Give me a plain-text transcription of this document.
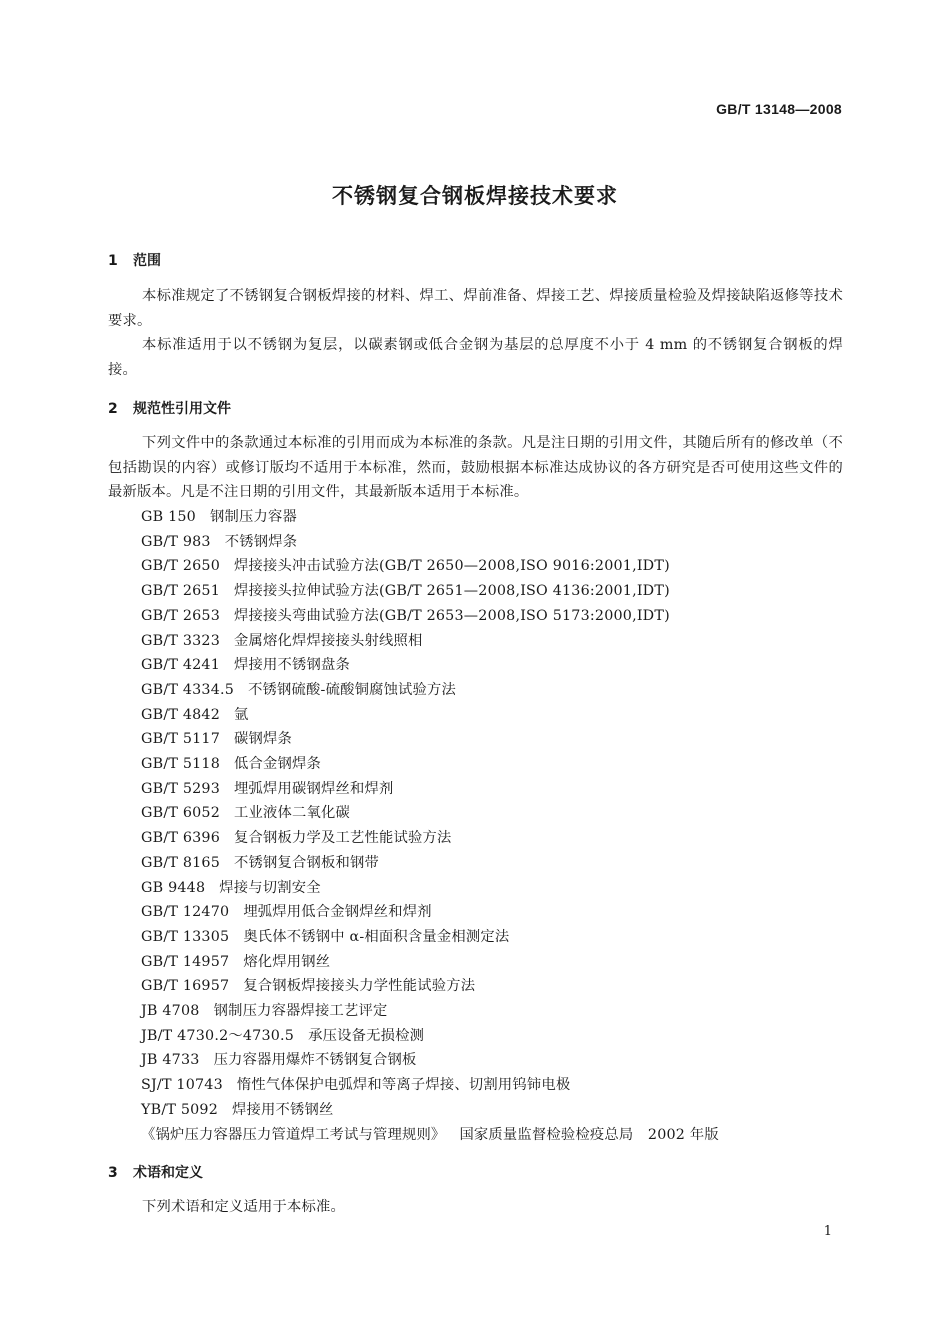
GB/T 13148—2008
不锈钢复合钢板焊接技术要求
1 范围
本标准规定了不锈钢复合钢板焊接的材料、焊工、焊前准备、焊接工艺、焊接质量检验及焊接缺陷返修等技术要求。
本标准适用于以不锈钢为复层，以碳素钢或低合金钢为基层的总厚度不小于 4 mm 的不锈钢复合钢板的焊接。
2 规范性引用文件
下列文件中的条款通过本标准的引用而成为本标准的条款。凡是注日期的引用文件，其随后所有的修改单（不包括勘误的内容）或修订版均不适用于本标准，然而，鼓励根据本标准达成协议的各方研究是否可使用这些文件的最新版本。凡是不注日期的引用文件，其最新版本适用于本标准。
GB 150 钢制压力容器
GB/T 983 不锈钢焊条
GB/T 2650 焊接接头冲击试验方法(GB/T 2650—2008,ISO 9016:2001,IDT)
GB/T 2651 焊接接头拉伸试验方法(GB/T 2651—2008,ISO 4136:2001,IDT)
GB/T 2653 焊接接头弯曲试验方法(GB/T 2653—2008,ISO 5173:2000,IDT)
GB/T 3323 金属熔化焊焊接接头射线照相
GB/T 4241 焊接用不锈钢盘条
GB/T 4334.5 不锈钢硫酸-硫酸铜腐蚀试验方法
GB/T 4842 氩
GB/T 5117 碳钢焊条
GB/T 5118 低合金钢焊条
GB/T 5293 埋弧焊用碳钢焊丝和焊剂
GB/T 6052 工业液体二氧化碳
GB/T 6396 复合钢板力学及工艺性能试验方法
GB/T 8165 不锈钢复合钢板和钢带
GB 9448 焊接与切割安全
GB/T 12470 埋弧焊用低合金钢焊丝和焊剂
GB/T 13305 奥氏体不锈钢中 α-相面积含量金相测定法
GB/T 14957 熔化焊用钢丝
GB/T 16957 复合钢板焊接接头力学性能试验方法
JB 4708 钢制压力容器焊接工艺评定
JB/T 4730.2～4730.5 承压设备无损检测
JB 4733 压力容器用爆炸不锈钢复合钢板
SJ/T 10743 惰性气体保护电弧焊和等离子焊接、切割用钨铈电极
YB/T 5092 焊接用不锈钢丝
《锅炉压力容器压力管道焊工考试与管理规则》 国家质量监督检验检疫总局　2002 年版
3 术语和定义
下列术语和定义适用于本标准。
1
